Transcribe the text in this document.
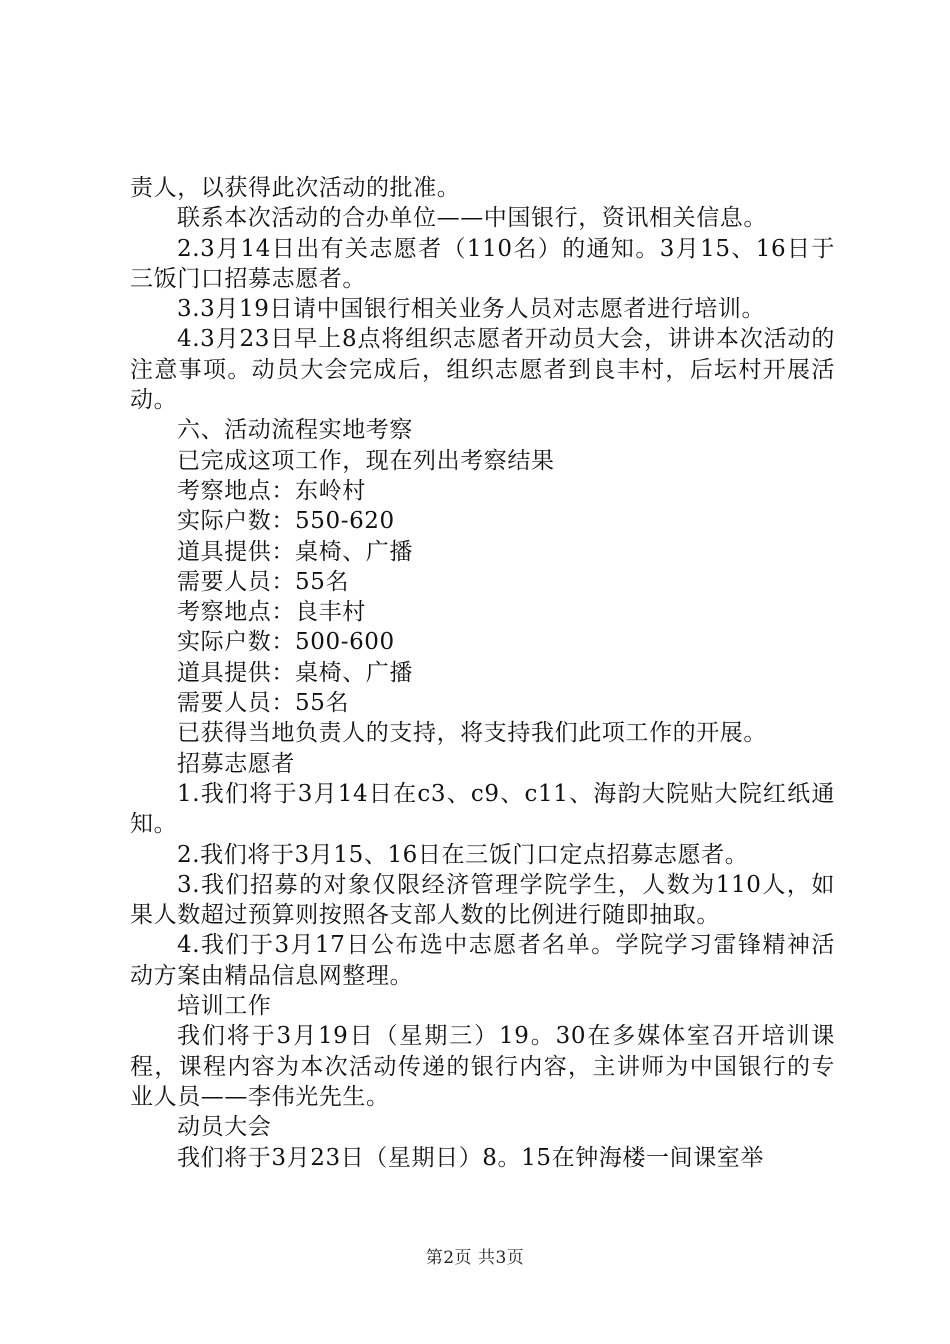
责人，以获得此次活动的批准。

联系本次活动的合办单位——中国银行，资讯相关信息。

2.3月14日出有关志愿者（110名）的通知。3月15、16日于三饭门口招募志愿者。

3.3月19日请中国银行相关业务人员对志愿者进行培训。

4.3月23日早上8点将组织志愿者开动员大会，讲讲本次活动的注意事项。动员大会完成后，组织志愿者到良丰村，后坛村开展活动。

六、活动流程实地考察

已完成这项工作，现在列出考察结果

考察地点：东岭村

实际户数：550-620

道具提供：桌椅、广播

需要人员：55名

考察地点：良丰村

实际户数：500-600

道具提供：桌椅、广播

需要人员：55名

已获得当地负责人的支持，将支持我们此项工作的开展。

招募志愿者

1.我们将于3月14日在c3、c9、c11、海韵大院贴大院红纸通知。

2.我们将于3月15、16日在三饭门口定点招募志愿者。

3.我们招募的对象仅限经济管理学院学生，人数为110人，如果人数超过预算则按照各支部人数的比例进行随即抽取。

4.我们于3月17日公布选中志愿者名单。学院学习雷锋精神活动方案由精品信息网整理。

培训工作

我们将于3月19日（星期三）19。30在多媒体室召开培训课程，课程内容为本次活动传递的银行内容，主讲师为中国银行的专业人员——李伟光先生。

动员大会

我们将于3月23日（星期日）8。15在钟海楼一间课室举

第2页 共3页
